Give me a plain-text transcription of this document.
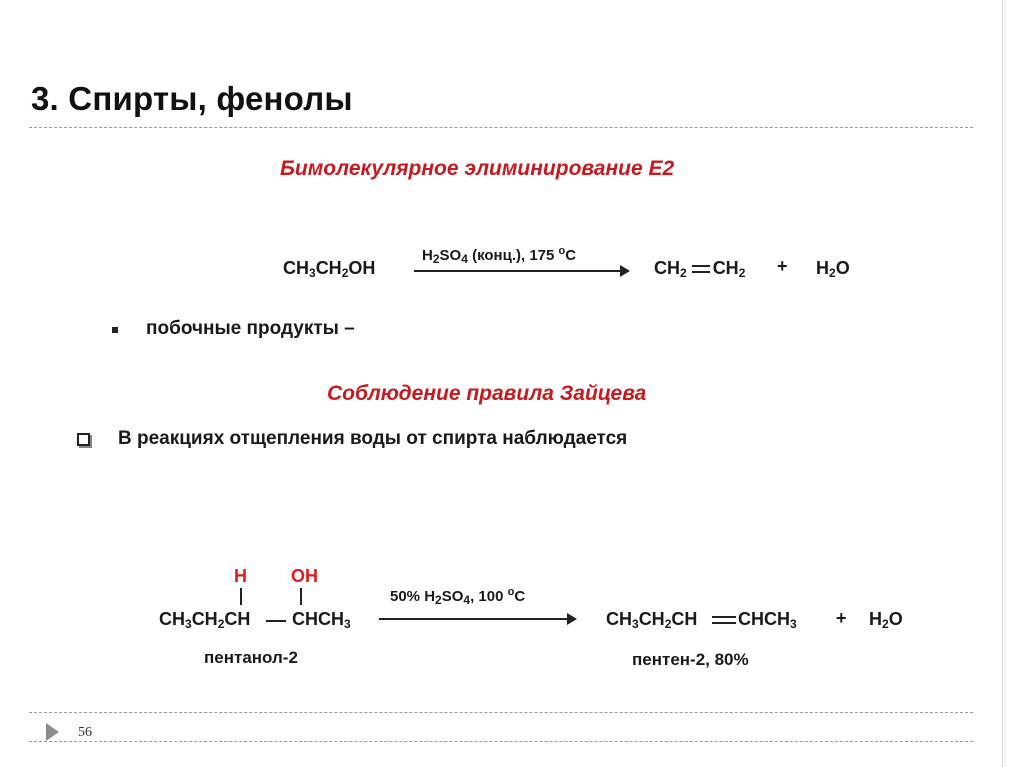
3. Спирты, фенолы
Бимолекулярное элиминирование Е2
$CH_3CH_2OH$
$H_2SO_4$ (конц.), 175 $^о$С
$CH_2$ $CH_2 + H_2O$
побочные продукты –
Соблюдение правила Зайцева
В реакциях отщепления воды от спирта наблюдается
H OH
$CH_3CH_2CH$ $CHCH_3$
пентанол-2
50% $H_2SO_4$, 100 $^о$С
$CH_3CH_2CH$ $CHCH_3 + H_2O$
пентен-2, 80%
56
